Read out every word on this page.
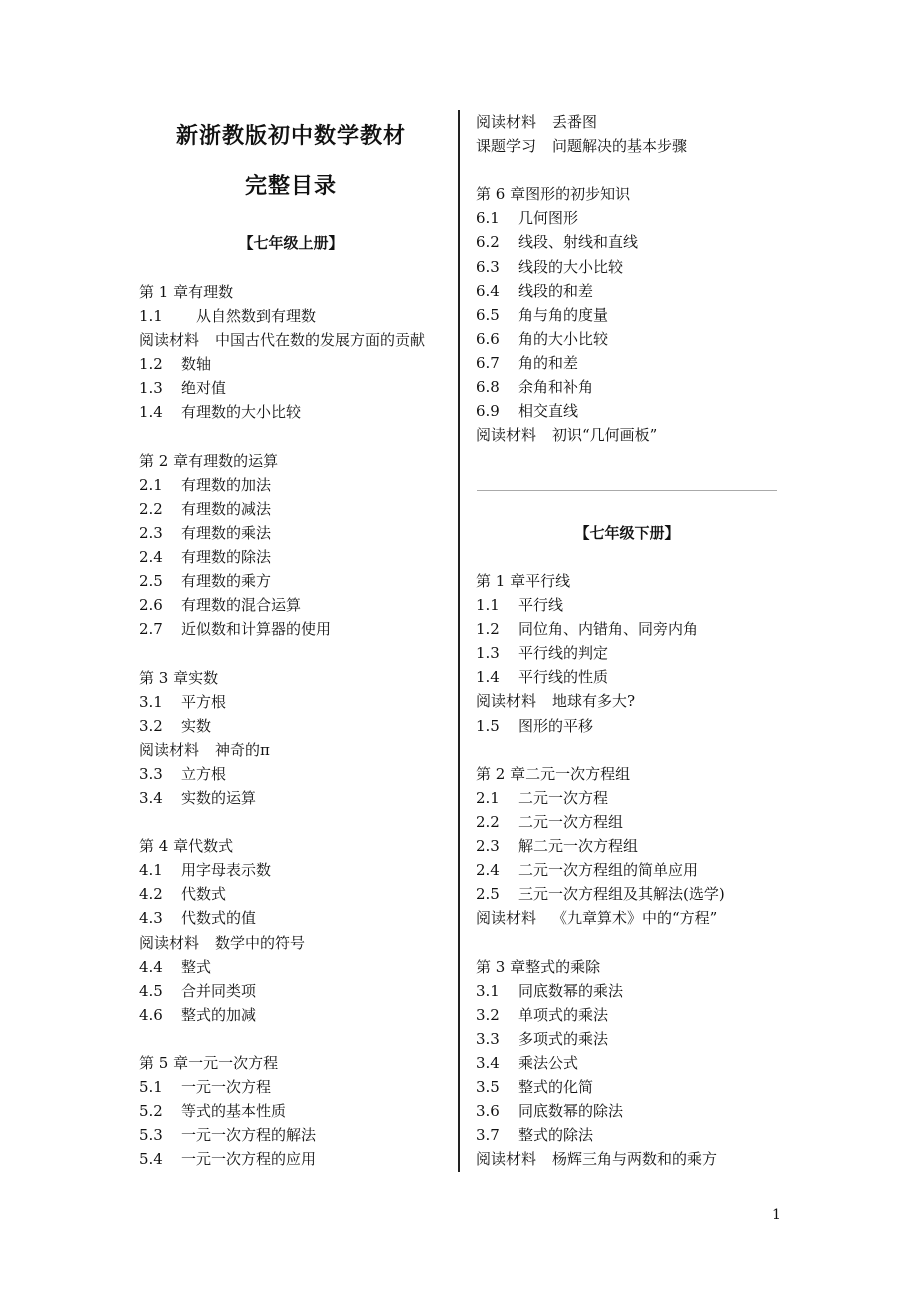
新浙教版初中数学教材
完整目录
【七年级上册】
第 1 章有理数
1.1　从自然数到有理数
阅读材料 中国古代在数的发展方面的贡献
1.2 数轴
1.3 绝对值
1.4 有理数的大小比较
第 2 章有理数的运算
2.1 有理数的加法
2.2 有理数的减法
2.3 有理数的乘法
2.4 有理数的除法
2.5 有理数的乘方
2.6 有理数的混合运算
2.7 近似数和计算器的使用
第 3 章实数
3.1 平方根
3.2 实数
阅读材料 神奇的π
3.3 立方根
3.4 实数的运算
第 4 章代数式
4.1 用字母表示数
4.2 代数式
4.3 代数式的值
阅读材料 数学中的符号
4.4 整式
4.5 合并同类项
4.6 整式的加减
第 5 章一元一次方程
5.1 一元一次方程
5.2 等式的基本性质
5.3 一元一次方程的解法
5.4 一元一次方程的应用
阅读材料 丢番图
课题学习 问题解决的基本步骤
第 6 章图形的初步知识
6.1 几何图形
6.2 线段、射线和直线
6.3 线段的大小比较
6.4 线段的和差
6.5 角与角的度量
6.6 角的大小比较
6.7 角的和差
6.8 余角和补角
6.9 相交直线
阅读材料 初识“几何画板”
【七年级下册】
第 1 章平行线
1.1 平行线
1.2 同位角、内错角、同旁内角
1.3 平行线的判定
1.4 平行线的性质
阅读材料 地球有多大?
1.5 图形的平移
第 2 章二元一次方程组
2.1 二元一次方程
2.2 二元一次方程组
2.3 解二元一次方程组
2.4 二元一次方程组的简单应用
2.5 三元一次方程组及其解法(选学)
阅读材料 《九章算术》中的“方程”
第 3 章整式的乘除
3.1 同底数幂的乘法
3.2 单项式的乘法
3.3 多项式的乘法
3.4 乘法公式
3.5 整式的化简
3.6 同底数幂的除法
3.7 整式的除法
阅读材料 杨辉三角与两数和的乘方
1
